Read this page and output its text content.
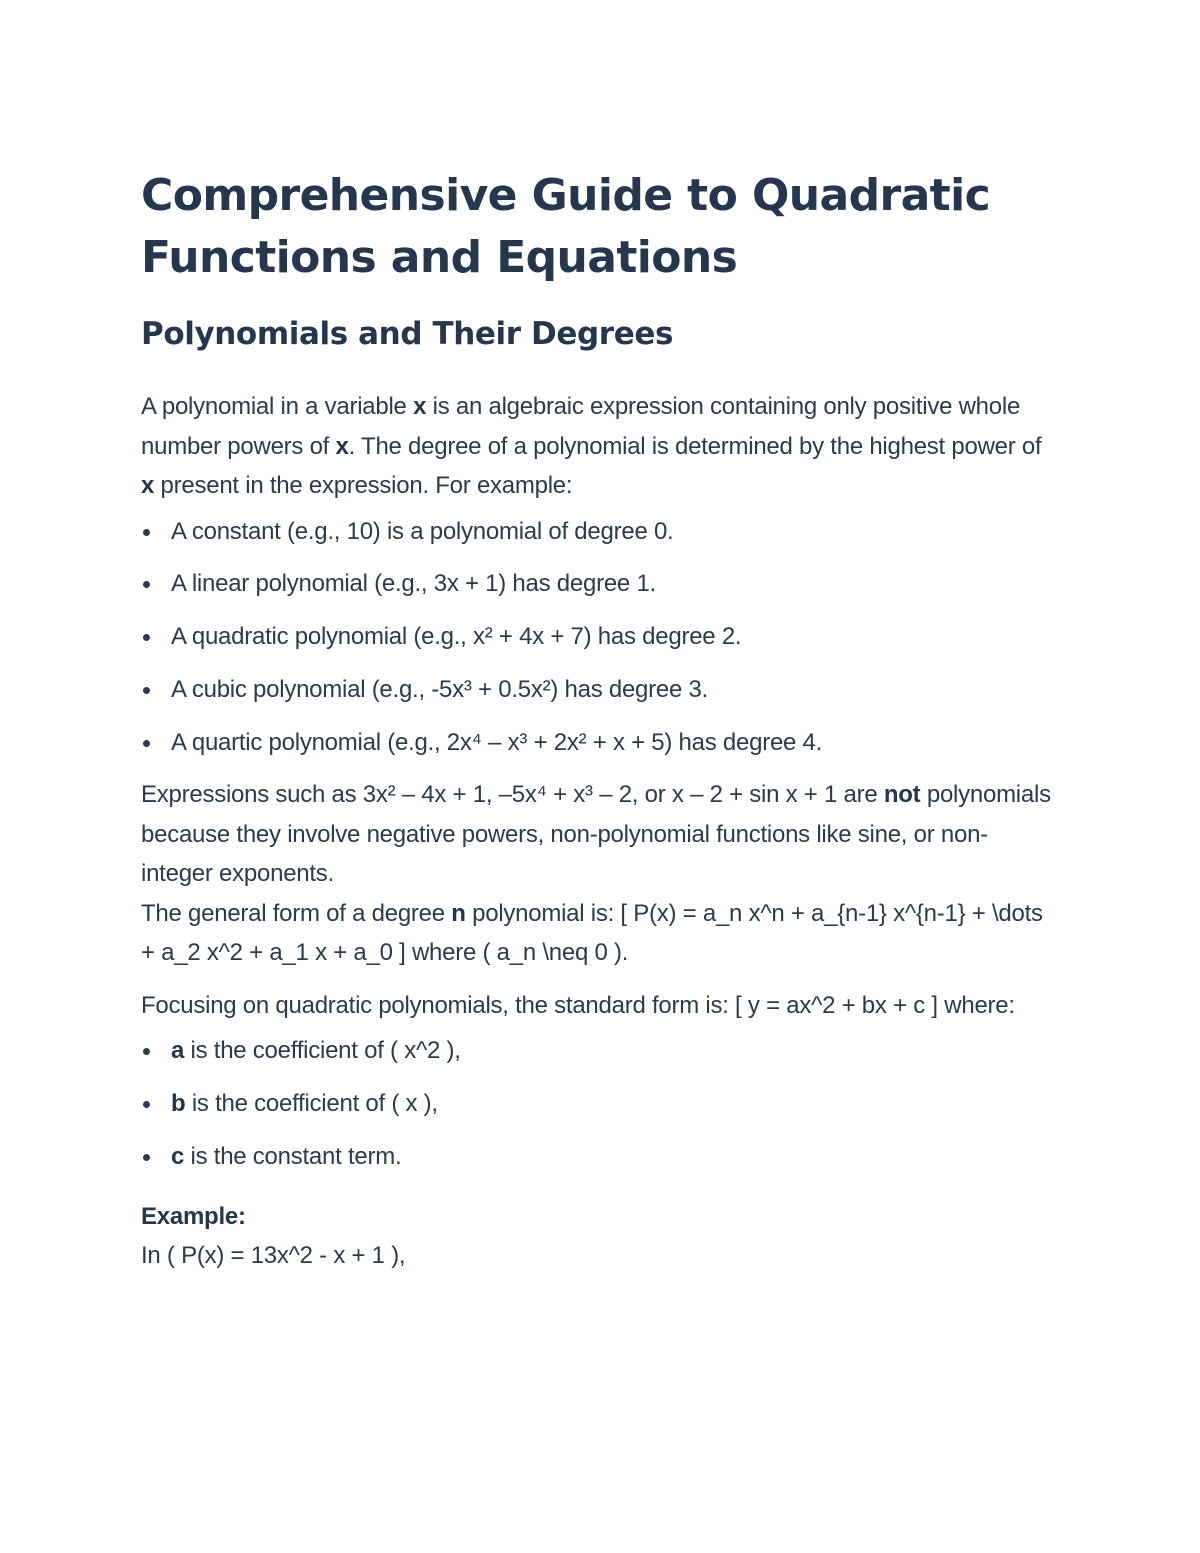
Comprehensive Guide to Quadratic Functions and Equations
Polynomials and Their Degrees

A polynomial in a variable x is an algebraic expression containing only positive whole number powers of x. The degree of a polynomial is determined by the highest power of x present in the expression. For example:

A constant (e.g., 10) is a polynomial of degree 0.
A linear polynomial (e.g., 3x + 1) has degree 1.
A quadratic polynomial (e.g., x² + 4x + 7) has degree 2.
A cubic polynomial (e.g., -5x³ + 0.5x²) has degree 3.
A quartic polynomial (e.g., 2x⁴ – x³ + 2x² + x + 5) has degree 4.

Expressions such as 3x² – 4x + 1, –5x⁴ + x³ – 2, or x – 2 + sin x + 1 are not polynomials because they involve negative powers, non-polynomial functions like sine, or non-integer exponents.

The general form of a degree n polynomial is: [ P(x) = a_n x^n + a_{n-1} x^{n-1} + \dots + a_2 x^2 + a_1 x + a_0 ] where ( a_n \neq 0 ).

Focusing on quadratic polynomials, the standard form is: [ y = ax^2 + bx + c ] where:

a is the coefficient of ( x^2 ),
b is the coefficient of ( x ),
c is the constant term.

Example:

In ( P(x) = 13x^2 - x + 1 ),
